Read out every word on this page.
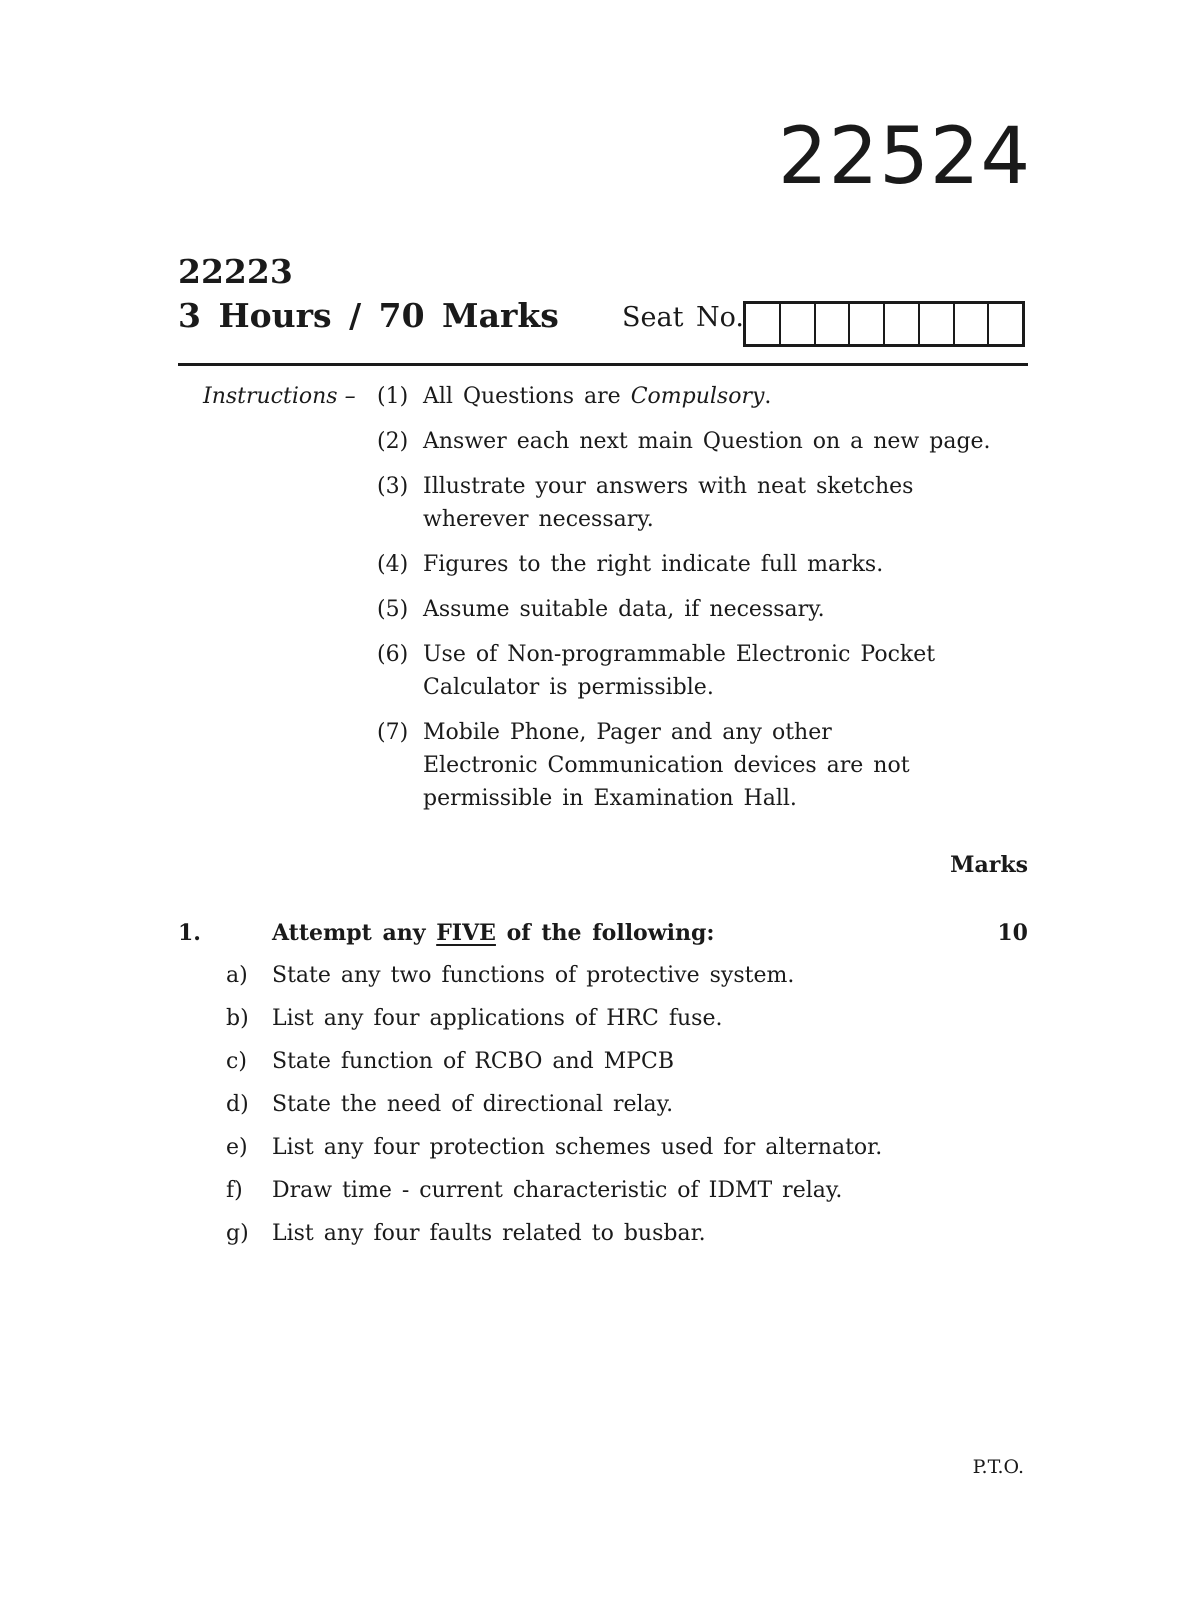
22524
22223
3 Hours / 70 Marks Seat No.
Instructions – (1) All Questions are Compulsory.
(2) Answer each next main Question on a new page.
(3) Illustrate your answers with neat sketches wherever necessary.
(4) Figures to the right indicate full marks.
(5) Assume suitable data, if necessary.
(6) Use of Non-programmable Electronic Pocket Calculator is permissible.
(7) Mobile Phone, Pager and any other Electronic Communication devices are not permissible in Examination Hall.
Marks
1.	Attempt any FIVE of the following:	10
a) State any two functions of protective system.
b) List any four applications of HRC fuse.
c) State function of RCBO and MPCB
d) State the need of directional relay.
e) List any four protection schemes used for alternator.
f) Draw time - current characteristic of IDMT relay.
g) List any four faults related to busbar.
P.T.O.
